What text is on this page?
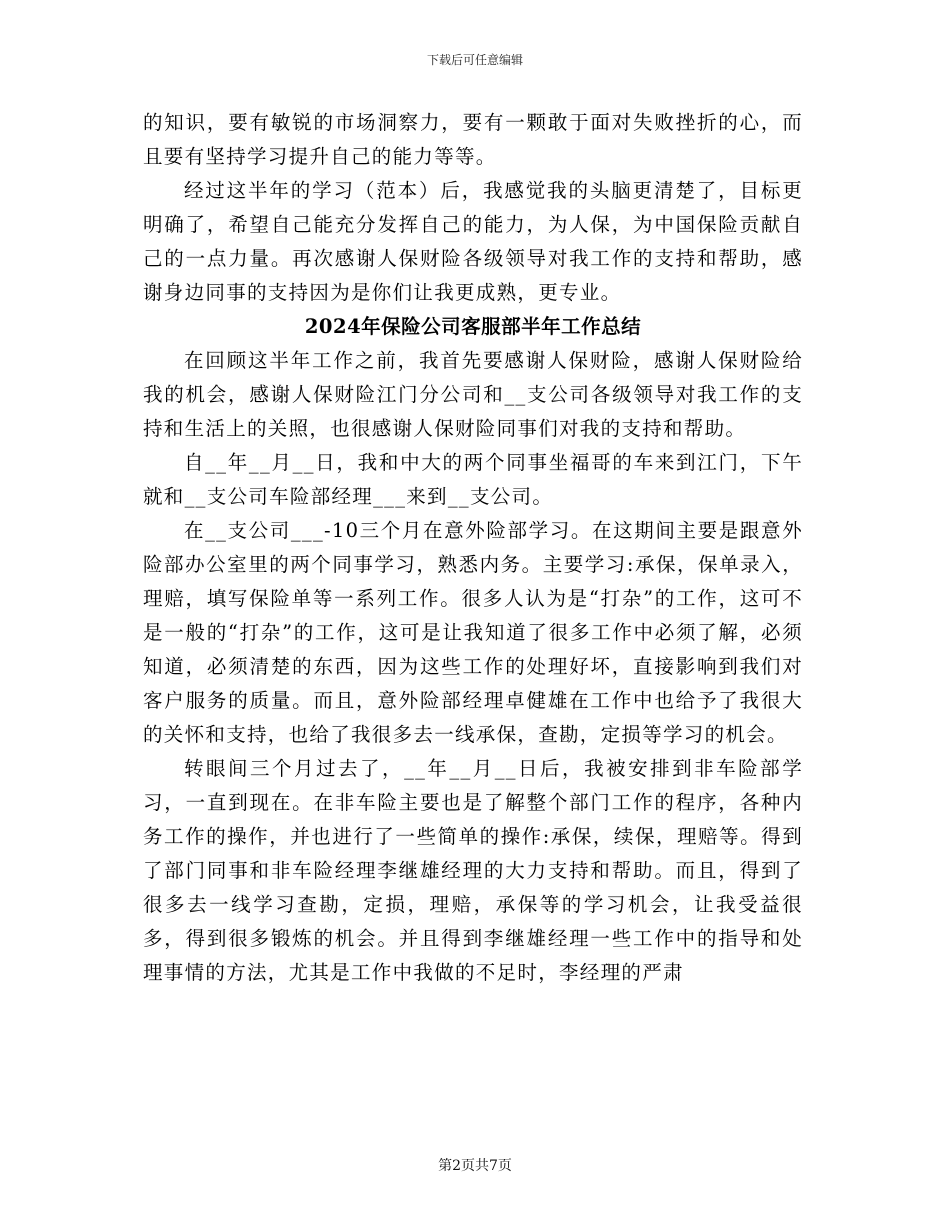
下载后可任意编辑

的知识，要有敏锐的市场洞察力，要有一颗敢于面对失败挫折的心，而且要有坚持学习提升自己的能力等等。

经过这半年的学习（范本）后，我感觉我的头脑更清楚了，目标更明确了，希望自己能充分发挥自己的能力，为人保，为中国保险贡献自己的一点力量。再次感谢人保财险各级领导对我工作的支持和帮助，感谢身边同事的支持因为是你们让我更成熟，更专业。

2024年保险公司客服部半年工作总结

在回顾这半年工作之前，我首先要感谢人保财险，感谢人保财险给我的机会，感谢人保财险江门分公司和__支公司各级领导对我工作的支持和生活上的关照，也很感谢人保财险同事们对我的支持和帮助。

自__年__月__日，我和中大的两个同事坐福哥的车来到江门，下午就和__支公司车险部经理___来到__支公司。

在__支公司___-10三个月在意外险部学习。在这期间主要是跟意外险部办公室里的两个同事学习，熟悉内务。主要学习:承保，保单录入，理赔，填写保险单等一系列工作。很多人认为是“打杂”的工作，这可不是一般的“打杂”的工作，这可是让我知道了很多工作中必须了解，必须知道，必须清楚的东西，因为这些工作的处理好坏，直接影响到我们对客户服务的质量。而且，意外险部经理卓健雄在工作中也给予了我很大的关怀和支持，也给了我很多去一线承保，查勘，定损等学习的机会。

转眼间三个月过去了，__年__月__日后，我被安排到非车险部学习，一直到现在。在非车险主要也是了解整个部门工作的程序，各种内务工作的操作，并也进行了一些简单的操作:承保，续保，理赔等。得到了部门同事和非车险经理李继雄经理的大力支持和帮助。而且，得到了很多去一线学习查勘，定损，理赔，承保等的学习机会，让我受益很多，得到很多锻炼的机会。并且得到李继雄经理一些工作中的指导和处理事情的方法，尤其是工作中我做的不足时，李经理的严肃

第2页共7页
